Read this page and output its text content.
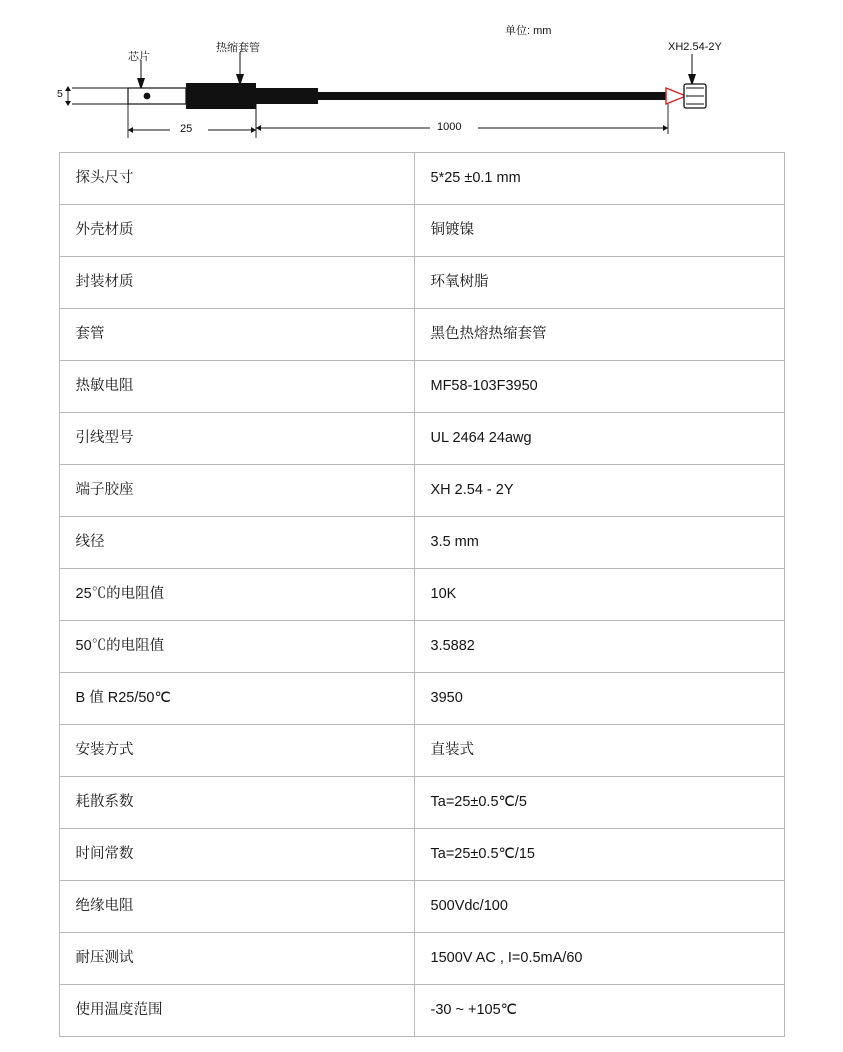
单位: mm
芯片
热缩套管	XH2.54-2Y
5
25	1000
探头尺寸	5*25 ±0.1 mm
外壳材质	铜镀镍
封装材质	环氧树脂
套管	黑色热熔热缩套管
热敏电阻	MF58-103F3950
引线型号	UL 2464 24awg
端子胶座	XH 2.54 - 2Y
线径	3.5 mm
25℃的电阻值	10K
50℃的电阻值	3.5882
B 值 R25/50℃	3950
安装方式	直装式
耗散系数	Ta=25±0.5℃/5
时间常数	Ta=25±0.5℃/15
绝缘电阻	500Vdc/100
耐压测试	1500V AC , I=0.5mA/60
使用温度范围	-30 ~ +105℃
